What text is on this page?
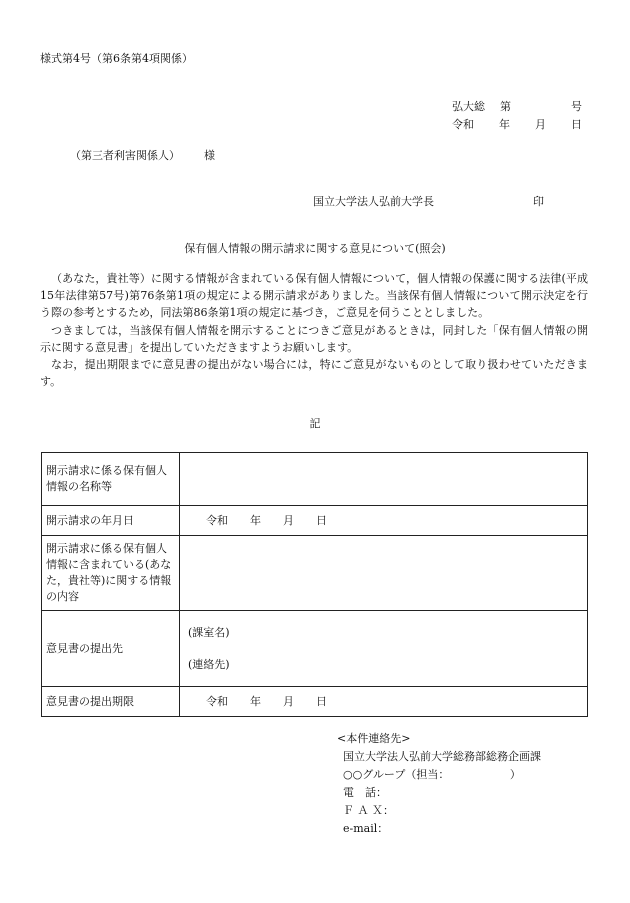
様式第4号（第6条第4項関係）
弘大総 第	号
令和 年 月 日
（第三者利害関係人） 様
国立大学法人弘前大学長	印
保有個人情報の開示請求に関する意見について(照会)

（あなた，貴社等）に関する情報が含まれている保有個人情報について，個人情報の保護に関する法律(平成15年法律第57号)第76条第1項の規定による開示請求がありました。当該保有個人情報について開示決定を行う際の参考とするため，同法第86条第1項の規定に基づき，ご意見を伺うこととしました。

つきましては，当該保有個人情報を開示することにつきご意見があるときは，同封した「保有個人情報の開示に関する意見書」を提出していただきますようお願いします。

なお，提出期限までに意見書の提出がない場合には，特にご意見がないものとして取り扱わせていただきます。

記
開示請求に係る保有個人情報の名称等	
開示請求の年月日	令和 年 月 日
開示請求に係る保有個人情報に含まれている(あなた，貴社等)に関する情報の内容	
意見書の提出先	(課室名)
(連絡先)

意見書の提出期限	令和 年 月 日
<本件連絡先>
国立大学法人弘前大学総務部総務企画課
○○グループ（担当：　　　　　　）
電　話：
Ｆ Ａ Ｘ：
e-mail：
